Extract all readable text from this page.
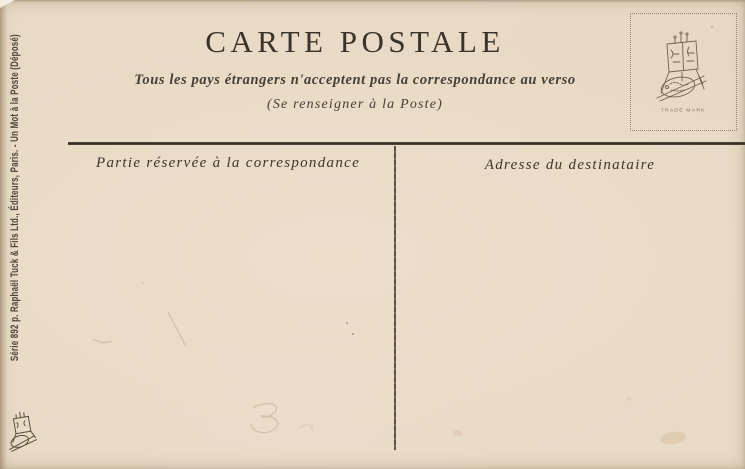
CARTE POSTALE
Tous les pays étrangers n'acceptent pas la correspondance au verso
(Se renseigner à la Poste)
Partie réservée à la correspondance	Adresse du destinataire
Série 892 p. Raphaël Tuck & Fils Ltd., Éditeurs, Paris. - Un Mot à la Poste (Déposé)	TRADE MARK
